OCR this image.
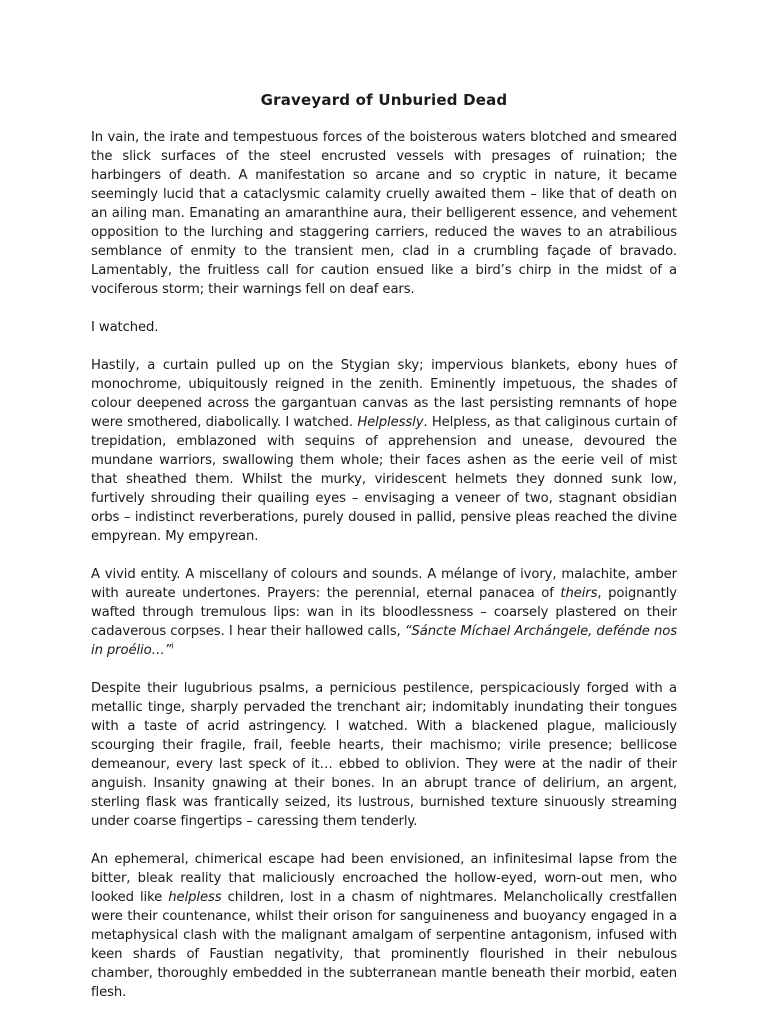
Graveyard of Unburied Dead

In vain, the irate and tempestuous forces of the boisterous waters blotched and smeared the slick surfaces of the steel encrusted vessels with presages of ruination; the harbingers of death. A manifestation so arcane and so cryptic in nature, it became seemingly lucid that a cataclysmic calamity cruelly awaited them – like that of death on an ailing man. Emanating an amaranthine aura, their belligerent essence, and vehement opposition to the lurching and staggering carriers, reduced the waves to an atrabilious semblance of enmity to the transient men, clad in a crumbling façade of bravado. Lamentably, the fruitless call for caution ensued like a bird’s chirp in the midst of a vociferous storm; their warnings fell on deaf ears.

I watched.

Hastily, a curtain pulled up on the Stygian sky; impervious blankets, ebony hues of monochrome, ubiquitously reigned in the zenith. Eminently impetuous, the shades of colour deepened across the gargantuan canvas as the last persisting remnants of hope were smothered, diabolically. I watched. Helplessly. Helpless, as that caliginous curtain of trepidation, emblazoned with sequins of apprehension and unease, devoured the mundane warriors, swallowing them whole; their faces ashen as the eerie veil of mist that sheathed them. Whilst the murky, viridescent helmets they donned sunk low, furtively shrouding their quailing eyes – envisaging a veneer of two, stagnant obsidian orbs – indistinct reverberations, purely doused in pallid, pensive pleas reached the divine empyrean. My empyrean.

A vivid entity. A miscellany of colours and sounds. A mélange of ivory, malachite, amber with aureate undertones. Prayers: the perennial, eternal panacea of theirs, poignantly wafted through tremulous lips: wan in its bloodlessness – coarsely plastered on their cadaverous corpses. I hear their hallowed calls, “Sáncte Míchael Archángele, defénde nos in proélio…”$^i$

Despite their lugubrious psalms, a pernicious pestilence, perspicaciously forged with a metallic tinge, sharply pervaded the trenchant air; indomitably inundating their tongues with a taste of acrid astringency. I watched. With a blackened plague, maliciously scourging their fragile, frail, feeble hearts, their machismo; virile presence; bellicose demeanour, every last speck of it… ebbed to oblivion. They were at the nadir of their anguish. Insanity gnawing at their bones. In an abrupt trance of delirium, an argent, sterling flask was frantically seized, its lustrous, burnished texture sinuously streaming under coarse fingertips – caressing them tenderly.

An ephemeral, chimerical escape had been envisioned, an infinitesimal lapse from the bitter, bleak reality that maliciously encroached the hollow-eyed, worn-out men, who looked like helpless children, lost in a chasm of nightmares. Melancholically crestfallen were their countenance, whilst their orison for sanguineness and buoyancy engaged in a metaphysical clash with the malignant amalgam of serpentine antagonism, infused with keen shards of Faustian negativity, that prominently flourished in their nebulous chamber, thoroughly embedded in the subterranean mantle beneath their morbid, eaten flesh.
